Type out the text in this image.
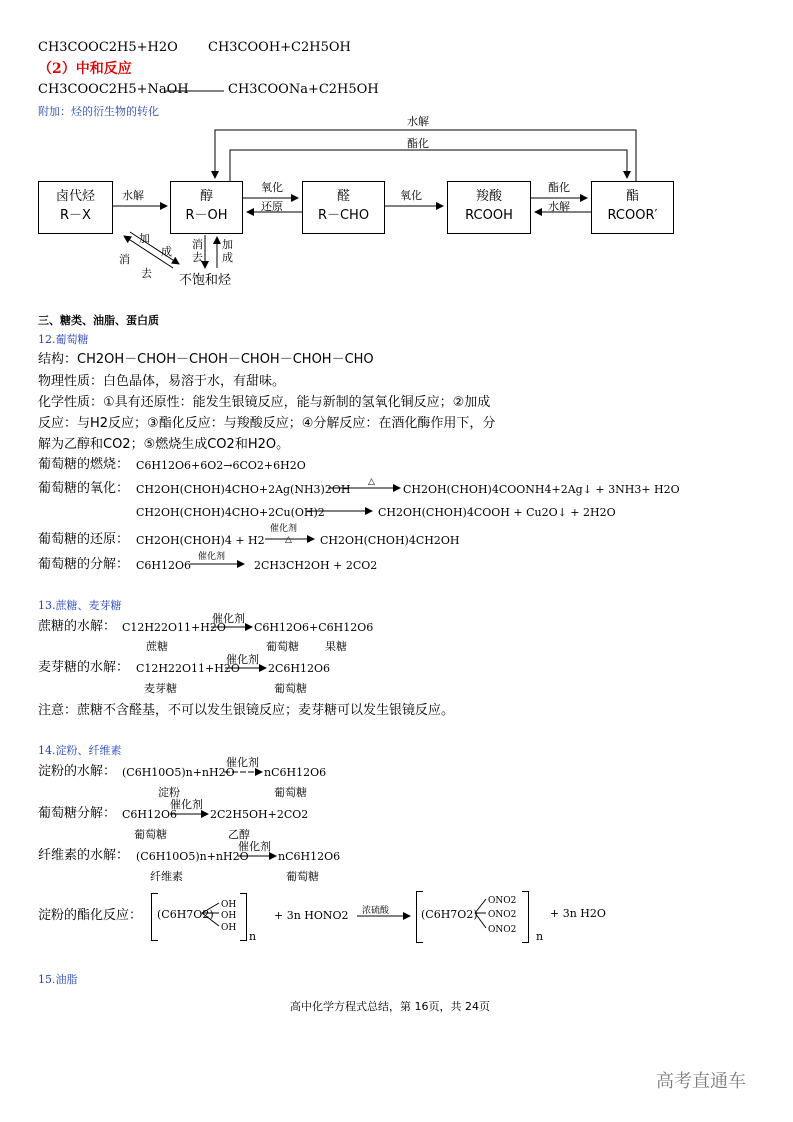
CH3COOC2H5+H2O CH3COOH+C2H5OH
（2）中和反应
CH3COOC2H5+NaOH	CH3COONa+C2H5OH
附加：烃的衍生物的转化
水解
酯化
卤代烃
R－X
醇
R－OH
醛
R－CHO
羧酸
RCOOH
酯
RCOOR′
水解
氧化
还原
氧化
酯化
水解
加
成
消
去
消
去
加
成
不饱和烃
三、糖类、油脂、蛋白质
12.葡萄糖
结构：CH2OH－CHOH－CHOH－CHOH－CHOH－CHO
物理性质：白色晶体，易溶于水，有甜味。
化学性质：①具有还原性：能发生银镜反应，能与新制的氢氧化铜反应；②加成
反应：与H2反应；③酯化反应：与羧酸反应；④分解反应：在酒化酶作用下，分
解为乙醇和CO2；⑤燃烧生成CO2和H2O。
葡萄糖的燃烧： C6H12O6+6O2→6CO2+6H2O
葡萄糖的氧化： CH2OH(CHOH)4CHO+2Ag(NH3)2OH
△
CH2OH(CHOH)4COONH4+2Ag↓ + 3NH3+ H2O
CH2OH(CHOH)4CHO+2Cu(OH)2	CH2OH(CHOH)4COOH + Cu2O↓ + 2H2O
葡萄糖的还原： CH2OH(CHOH)4 + H2
催化剂
△	CH2OH(CHOH)4CH2OH
葡萄糖的分解： C6H12O6
催化剂
2CH3CH2OH + 2CO2
13.蔗糖、麦芽糖
蔗糖的水解： C12H22O11+H2O
催化剂
C6H12O6+C6H12O6
蔗糖	葡萄糖 果糖
麦芽糖的水解： C12H22O11+H2O
催化剂
2C6H12O6
麦芽糖	葡萄糖
注意：蔗糖不含醛基，不可以发生银镜反应；麦芽糖可以发生银镜反应。
14.淀粉、纤维素
淀粉的水解： (C6H10O5)n+nH2O
催化剂
nC6H12O6
淀粉	葡萄糖
葡萄糖分解： C6H12O6
催化剂
2C2H5OH+2CO2
葡萄糖	乙醇
纤维素的水解： (C6H10O5)n+nH2O
催化剂
nC6H12O6
纤维素	葡萄糖
淀粉的酯化反应： (C6H7O2)
OH
OH
OH
n
+ 3n HONO2 浓硫酸	(C6H7O2)
ONO2
ONO2
ONO2 n
+ 3n H2O
15.油脂
高中化学方程式总结，第 16页，共 24页
高考直通车
